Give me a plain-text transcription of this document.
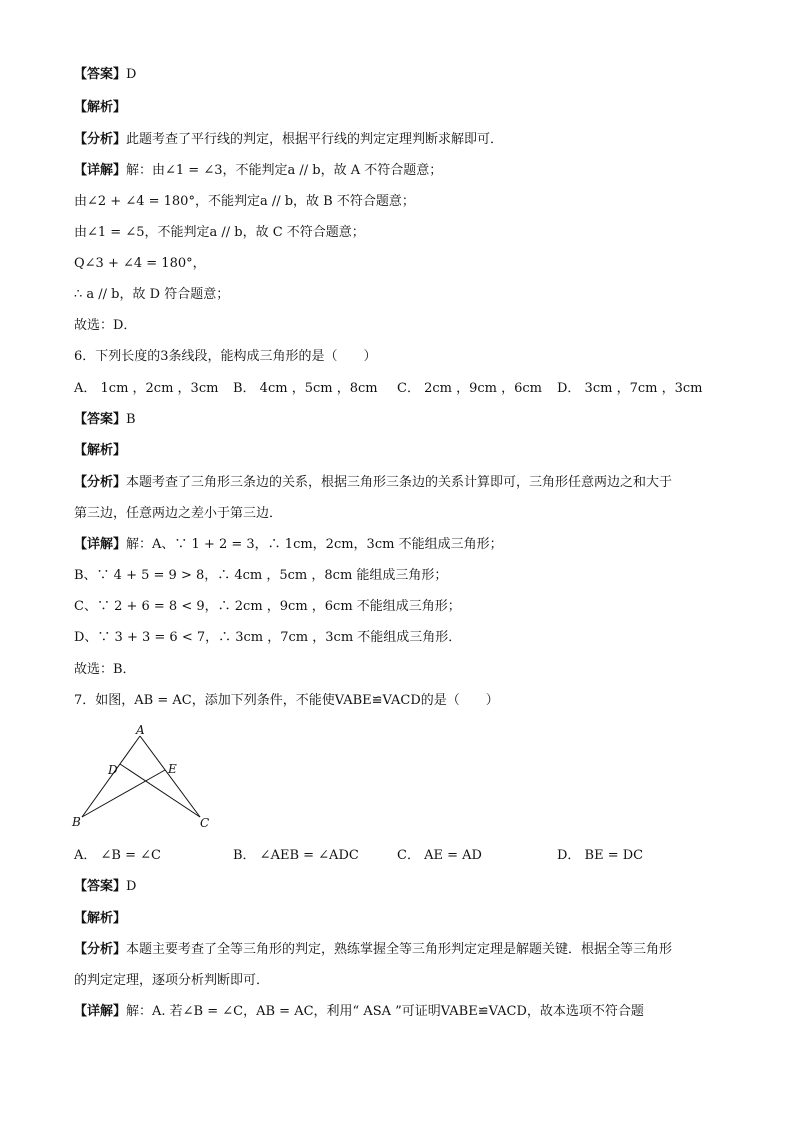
【答案】D
【解析】
【分析】此题考查了平行线的判定，根据平行线的判定定理判断求解即可．
【详解】解：由∠1 = ∠3，不能判定a // b，故 A 不符合题意；
由∠2 + ∠4 = 180°，不能判定a // b，故 B 不符合题意；
由∠1 = ∠5，不能判定a // b，故 C 不符合题意；
Q∠3 + ∠4 = 180°，
∴ a // b，故 D 符合题意；
故选：D．
6．下列长度的3条线段，能构成三角形的是（　　）
A． 1cm ，2cm ，3cm B． 4cm ，5cm ，8cm C． 2cm ，9cm ，6cm D． 3cm ，7cm ，3cm
【答案】B
【解析】
【分析】本题考查了三角形三条边的关系，根据三角形三条边的关系计算即可，三角形任意两边之和大于
第三边，任意两边之差小于第三边．
【详解】解：A、∵ 1 + 2 = 3，∴ 1cm，2cm，3cm 不能组成三角形；
B、∵ 4 + 5 = 9 > 8，∴ 4cm ，5cm ，8cm 能组成三角形；
C、∵ 2 + 6 = 8 < 9，∴ 2cm ，9cm ，6cm 不能组成三角形；
D、∵ 3 + 3 = 6 < 7，∴ 3cm ，7cm ，3cm 不能组成三角形．
故选：B．
7．如图，AB = AC，添加下列条件，不能使VABE≌VACD的是（　　）
A
D	E
B	C
A． ∠B = ∠C	B． ∠AEB = ∠ADC	C． AE = AD	D． BE = DC
【答案】D
【解析】
【分析】本题主要考查了全等三角形的判定，熟练掌握全等三角形判定定理是解题关键．根据全等三角形
的判定定理，逐项分析判断即可．
【详解】解：A. 若∠B = ∠C，AB = AC，利用“ ASA ”可证明VABE≌VACD，故本选项不符合题
